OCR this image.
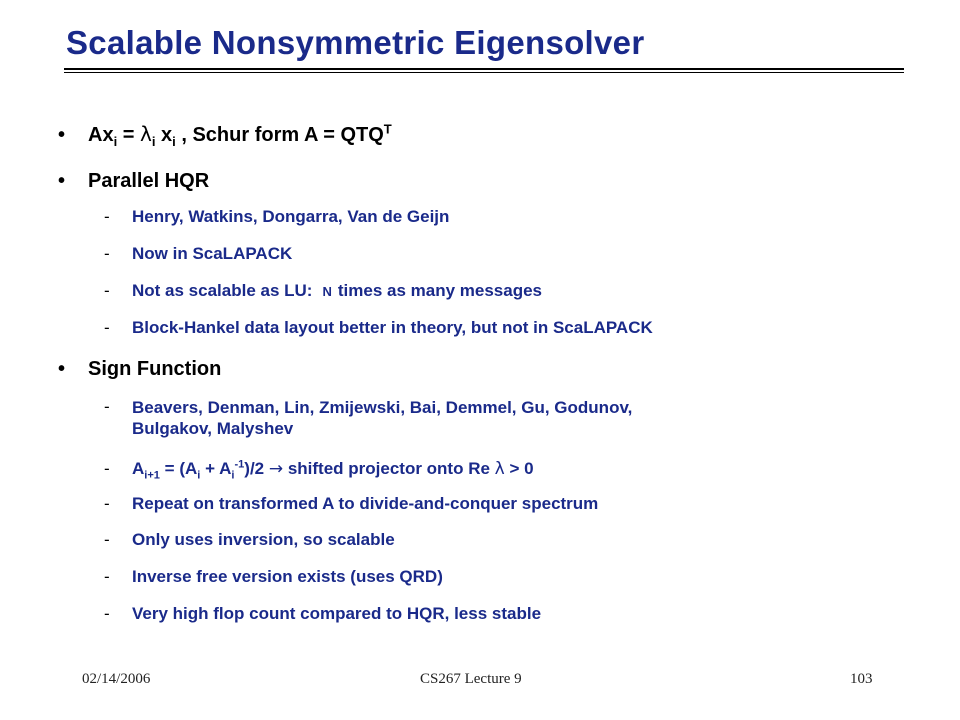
Scalable Nonsymmetric Eigensolver
• $Ax_i = \lambda_i$ $x_i$ , Schur form $A = QTQ^T$
• Parallel HQR
- Henry, Watkins, Dongarra, Van de Geijn
- Now in ScaLAPACK
- Not as scalable as LU: N times as many messages
- Block-Hankel data layout better in theory, but not in ScaLAPACK
• Sign Function
- Beavers, Denman, Lin, Zmijewski, Bai, Demmel, Gu, Godunov,
Bulgakov, Malyshev
- $A_{i+1} = (A_i + A_i^{-1})/2$ → shifted projector onto Re λ > 0
- Repeat on transformed A to divide-and-conquer spectrum
- Only uses inversion, so scalable
- Inverse free version exists (uses QRD)
- Very high flop count compared to HQR, less stable
02/14/2006	CS267 Lecture 9	103
